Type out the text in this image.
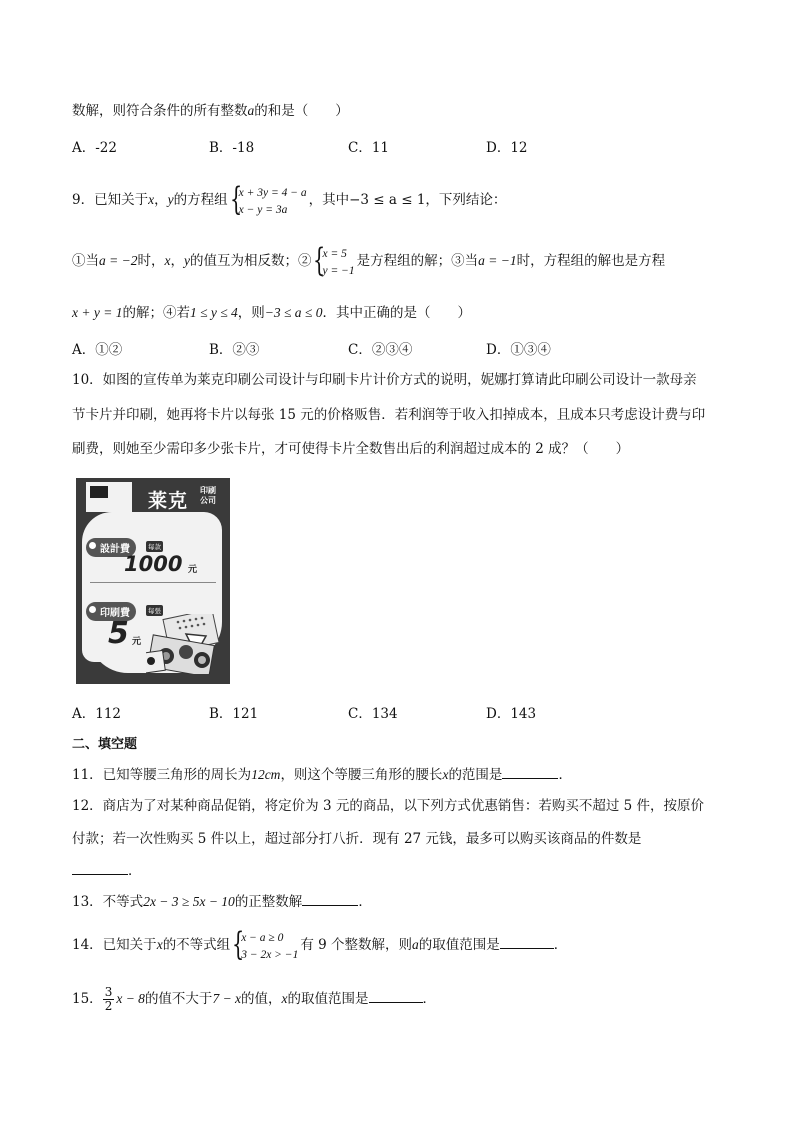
数解，则符合条件的所有整数a的和是（　　）
A．-22	B．-18	C．11	D．12
9．已知关于x，y的方程组 {
x + 3y = 4 − a
x − y = 3a
，其中−3 ≤ a ≤ 1，下列结论：
①当a = −2时，x，y的值互为相反数；② {
x = 5
y = −1
是方程组的解；③当a = −1时，方程组的解也是方程
x + y = 1的解；④若1 ≤ y ≤ 4，则−3 ≤ a ≤ 0．其中正确的是（　　）
A．①②	B．②③	C．②③④	D．①③④
10．如图的宣传单为莱克印刷公司设计与印刷卡片计价方式的说明，妮娜打算请此印刷公司设计一款母亲
节卡片并印刷，她再将卡片以每张 15 元的价格贩售．若利润等于收入扣掉成本，且成本只考虑设计费与印
刷费，则她至少需印多少张卡片，才可使得卡片全数售出后的利润超过成本的 2 成？（　　）
莱克 印刷公司
設計費	每款
1000 元
印刷費	每張
5 元
A．112	B．121	C．134	D．143
二、填空题
11．已知等腰三角形的周长为12cm，则这个等腰三角形的腰长x的范围是	．
12．商店为了对某种商品促销，将定价为 3 元的商品，以下列方式优惠销售：若购买不超过 5 件，按原价
付款；若一次性购买 5 件以上，超过部分打八折．现有 27 元钱，最多可以购买该商品的件数是
．
13．不等式2x − 3 ≥ 5x − 10的正整数解	．
14．已知关于x的不等式组 {
x − a ≥ 0
3 − 2x > −1
有 9 个整数解，则a的取值范围是	．
15． $\frac{3}{2}$ x − 8的值不大于7 − x的值，x的取值范围是	．
